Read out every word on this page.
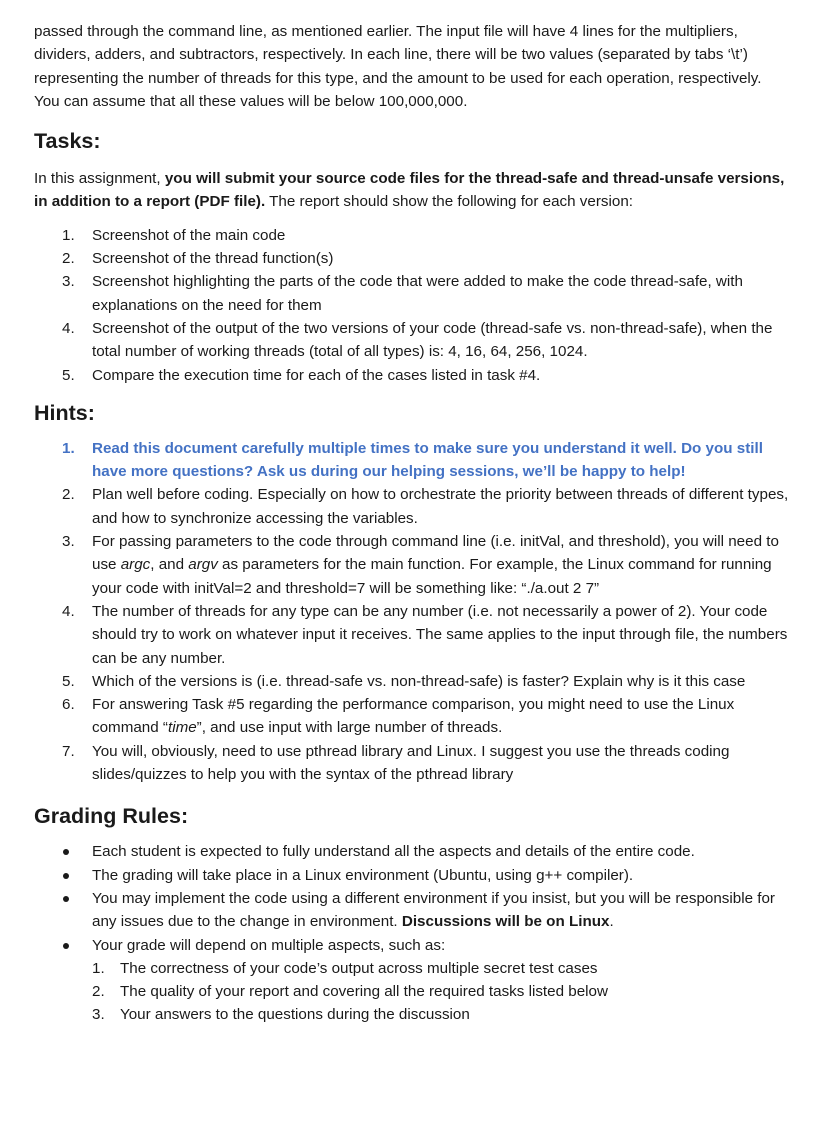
passed through the command line, as mentioned earlier. The input file will have 4 lines for the multipliers, dividers, adders, and subtractors, respectively. In each line, there will be two values (separated by tabs ‘\t’) representing the number of threads for this type, and the amount to be used for each operation, respectively. You can assume that all these values will be below 100,000,000.

Tasks:

In this assignment, you will submit your source code files for the thread-safe and thread-unsafe versions, in addition to a report (PDF file). The report should show the following for each version:

1.	Screenshot of the main code
2.	Screenshot of the thread function(s)
3.	Screenshot highlighting the parts of the code that were added to make the code thread-safe, with explanations on the need for them
4.	Screenshot of the output of the two versions of your code (thread-safe vs. non-thread-safe), when the total number of working threads (total of all types) is: 4, 16, 64, 256, 1024.
5.	Compare the execution time for each of the cases listed in task #4.
Hints:
1.	Read this document carefully multiple times to make sure you understand it well. Do you still have more questions? Ask us during our helping sessions, we’ll be happy to help!
2.	Plan well before coding. Especially on how to orchestrate the priority between threads of different types, and how to synchronize accessing the variables.
3.	For passing parameters to the code through command line (i.e. initVal, and threshold), you will need to use argc, and argv as parameters for the main function. For example, the Linux command for running your code with initVal=2 and threshold=7 will be something like: “./a.out 2 7”
4.	The number of threads for any type can be any number (i.e. not necessarily a power of 2). Your code should try to work on whatever input it receives. The same applies to the input through file, the numbers can be any number.
5.	Which of the versions is (i.e. thread-safe vs. non-thread-safe) is faster? Explain why is it this case
6.	For answering Task #5 regarding the performance comparison, you might need to use the Linux command “time”, and use input with large number of threads.
7.	You will, obviously, need to use pthread library and Linux. I suggest you use the threads coding slides/quizzes to help you with the syntax of the pthread library
Grading Rules:
Each student is expected to fully understand all the aspects and details of the entire code.
The grading will take place in a Linux environment (Ubuntu, using g++ compiler).
You may implement the code using a different environment if you insist, but you will be responsible for any issues due to the change in environment. Discussions will be on Linux.
Your grade will depend on multiple aspects, such as:
1.	The correctness of your code’s output across multiple secret test cases
2.	The quality of your report and covering all the required tasks listed below
3.	Your answers to the questions during the discussion
